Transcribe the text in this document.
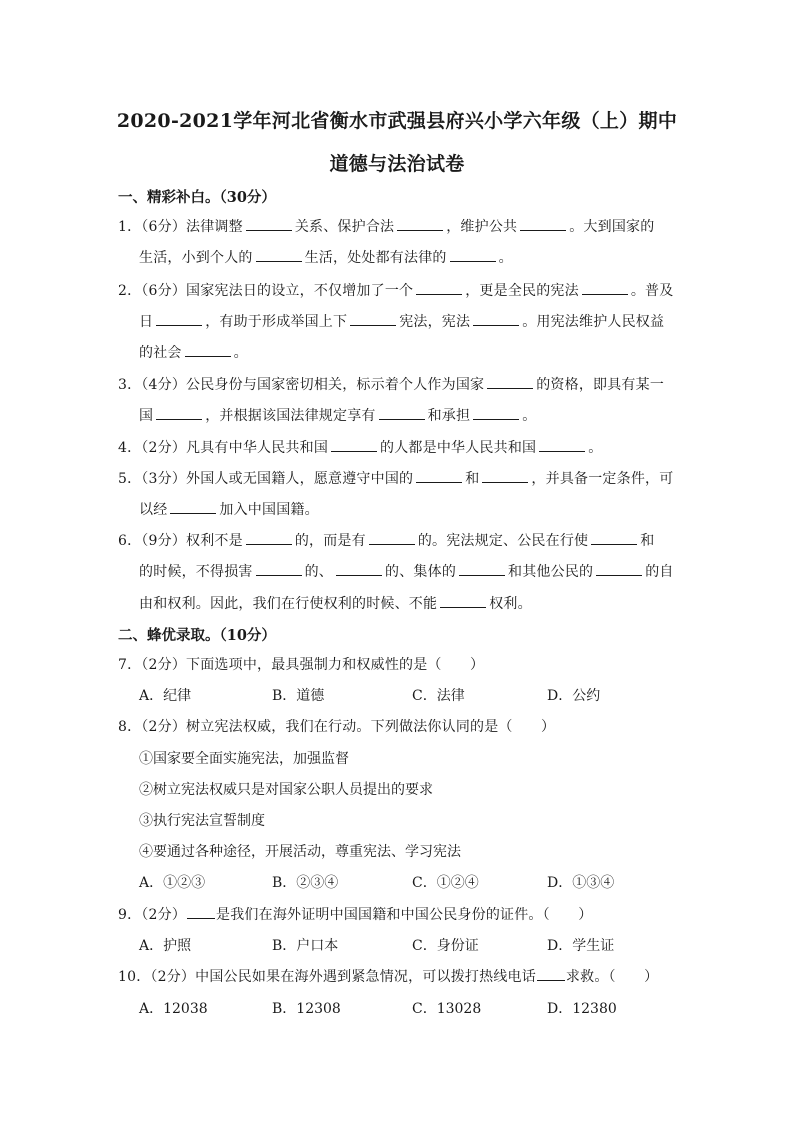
2020-2021学年河北省衡水市武强县府兴小学六年级（上）期中
道德与法治试卷
一、精彩补白。（30分）
1．（6分）法律调整	关系、保护合法	，维护公共	。大到国家的
生活，小到个人的	生活，处处都有法律的	。
2．（6分）国家宪法日的设立，不仅增加了一个	，更是全民的宪法	。普及
日	，有助于形成举国上下	宪法，宪法	。用宪法维护人民权益
的社会	。
3．（4分）公民身份与国家密切相关，标示着个人作为国家	的资格，即具有某一
国	，并根据该国法律规定享有	和承担	。
4．（2分）凡具有中华人民共和国	的人都是中华人民共和国	。
5．（3分）外国人或无国籍人，愿意遵守中国的	和	，并具备一定条件，可
以经	加入中国国籍。
6．（9分）权利不是	的，而是有	的。宪法规定、公民在行使	和
的时候，不得损害	的、	的、集体的	和其他公民的	的自
由和权利。因此，我们在行使权利的时候、不能	权利。
二、蜂优录取。（10分）
7．（2分）下面选项中，最具强制力和权威性的是（　　）
A．纪律	B．道德	C．法律	D．公约
8．（2分）树立宪法权威，我们在行动。下列做法你认同的是（　　）
①国家要全面实施宪法，加强监督
②树立宪法权威只是对国家公职人员提出的要求
③执行宪法宣誓制度
④要通过各种途径，开展活动，尊重宪法、学习宪法
A．①②③	B．②③④	C．①②④	D．①③④
9．（2分） 是我们在海外证明中国国籍和中国公民身份的证件。（　　）
A．护照	B．户口本	C．身份证	D．学生证
10．（2分）中国公民如果在海外遇到紧急情况，可以拨打热线电话 求救。（　　）
A．12038	B．12308	C．13028	D．12380
